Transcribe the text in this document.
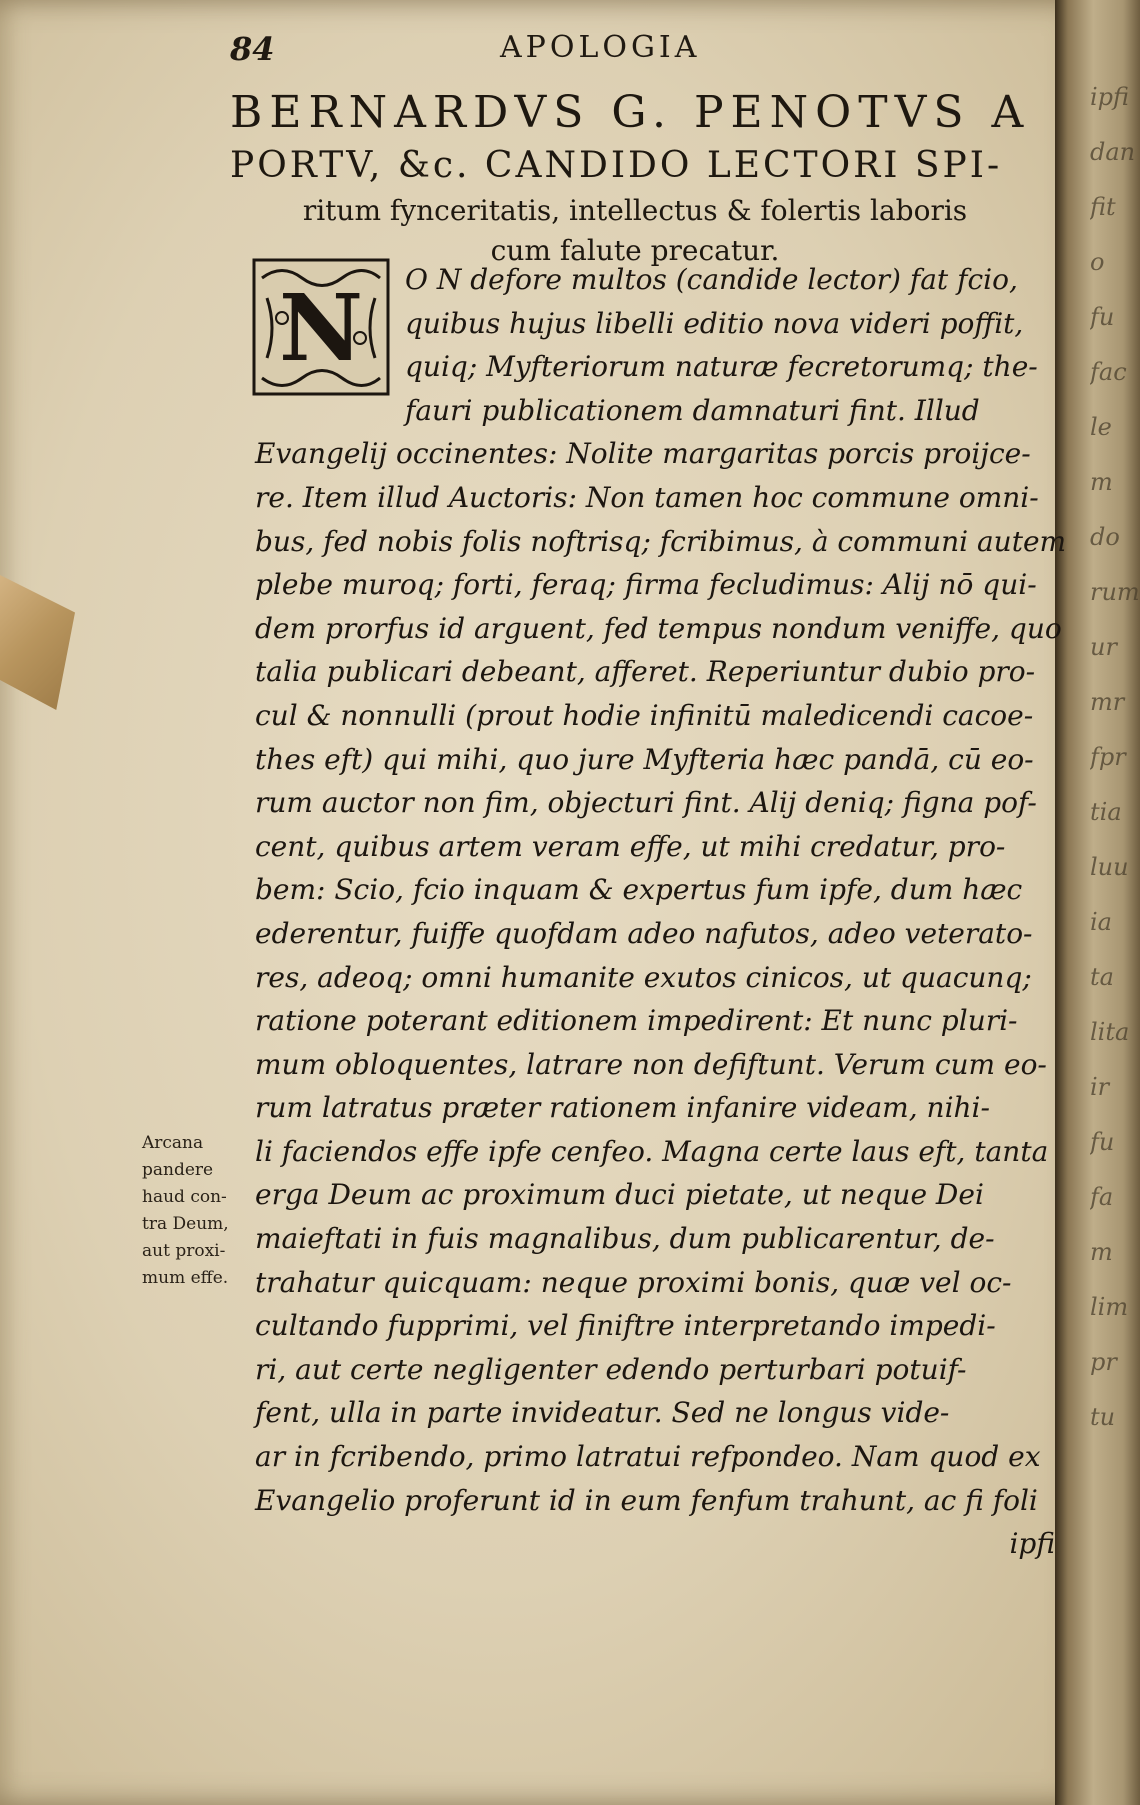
ipfi
dan
fit
o
fu
fac
le
m
do
rum
ur
mr
fpr
tia
luu
ia
ta
lita
ir
fu
fa
m
lim
pr
tu
84	APOLOGIA
BERNARDVS G. PENOTVS A
PORTV, &c. CANDIDO LECTORI SPI-
ritum fynceritatis, intellectus & folertis laboris
cum falute precatur.
N	O N defore multos (candide lector) fat fcio,
quibus hujus libelli editio nova videri poffit,
quiq; Myfteriorum naturæ fecretorumq; the-
fauri publicationem damnaturi fint. Illud
Evangelij occinentes: Nolite margaritas porcis proijce-
re. Item illud Auctoris: Non tamen hoc commune omni-
bus, fed nobis folis noftrisq; fcribimus, à communi autem
plebe muroq; forti, feraq; firma fecludimus: Alij nō qui-
dem prorfus id arguent, fed tempus nondum veniffe, quo
talia publicari debeant, afferet. Reperiuntur dubio pro-
cul & nonnulli (prout hodie infinitū maledicendi cacoe-
thes eft) qui mihi, quo jure Myfteria hæc pandā, cū eo-
rum auctor non fim, objecturi fint. Alij deniq; figna pof-
cent, quibus artem veram effe, ut mihi credatur, pro-
bem: Scio, fcio inquam & expertus fum ipfe, dum hæc
ederentur, fuiffe quofdam adeo nafutos, adeo veterato-
res, adeoq; omni humanite exutos cinicos, ut quacunq;
ratione poterant editionem impedirent: Et nunc pluri-
mum obloquentes, latrare non defiftunt. Verum cum eo-
rum latratus præter rationem infanire videam, nihi-
li faciendos effe ipfe cenfeo. Magna certe laus eft, tanta
erga Deum ac proximum duci pietate, ut neque Dei
maieftati in fuis magnalibus, dum publicarentur, de-
trahatur quicquam: neque proximi bonis, quæ vel oc-
cultando fupprimi, vel finiftre interpretando impedi-
ri, aut certe negligenter edendo perturbari potuif-
fent, ulla in parte invideatur. Sed ne longus vide-
ar in fcribendo, primo latratui refpondeo. Nam quod ex
Evangelio proferunt id in eum fenfum trahunt, ac fi foli
ipfi
Arcana
pandere
haud con-
tra Deum,
aut proxi-
mum effe.
